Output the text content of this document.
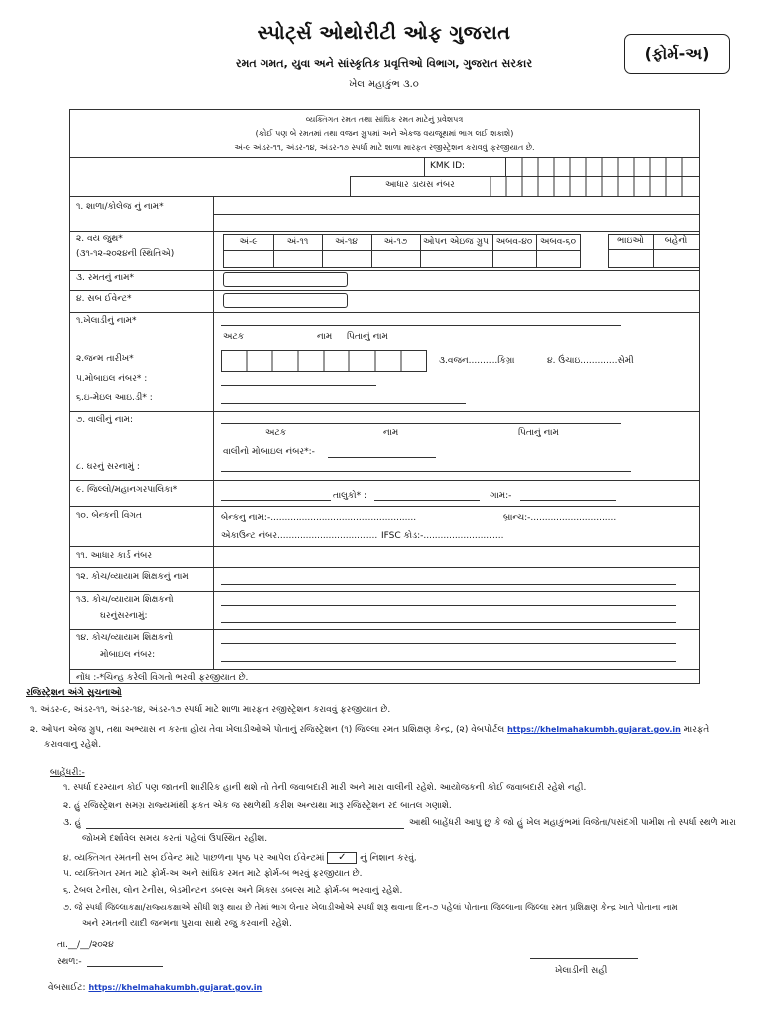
સ્પોર્ટ્સ ઓથોરીટી ઓફ ગુજરાત
રમત ગમત, યુવા અને સાંસ્કૃતિક પ્રવૃત્તિઓ વિભાગ, ગુજરાત સરકાર
ખેલ મહાકુંભ ૩.૦
(ફોર્મ-અ)
વ્યક્તિગત રમત તથા સાંઘિક રમત માટેનું પ્રવેશપત્ર
(કોઈ પણ બે રમતમાં તથા વજન ગ્રુપમાં અને એકજ વયજૂથમાં ભાગ લઈ શકાશે)
અં-૯ અંડર-૧૧, અંડર-૧૪, અંડર-૧૭ સ્પર્ધા માટે શાળા મારફત રજીસ્ટ્રેશન કરાવવું ફરજીયાત છે.
KMK ID:
આધાર ડાયસ નંબર
૧. શાળા/કોલેજ નું નામ*
૨. વય જુથ*
(૩૧-૧૨-૨૦૨૪ની સ્થિતિએ)
અં-૯	અં-૧૧	અં-૧૪	અં-૧૭	ઓપન એઇજ ગ્રુપ અબવ-૪૦ અબવ-૬૦	ભાઇઓ	બહેનો
૩. રમતનું નામ*
૪. સબ ઈવેન્ટ*
૧.ખેલાડીનું નામ*
અટક	નામ પિતાનું નામ
૨.જન્મ તારીખ*	૩.વજન..........કિગ્રા	૪. ઉંચાઇ.............સેમી
૫.મોબાઇલ નંબર* :
૬.ઇ-મેઇલ આઇ.ડી* :
૭. વાલીનું નામ:
અટક	નામ	પિતાનું નામ
વાલીનો મોબાઇલ નંબર*:-
૮. ઘરનું સરનામું :
૯. જિલ્લો/મહાનગરપાલિકા*
તાલુકો* :	ગામ:-
૧૦. બેન્કની વિગત	બેન્કનુ નામ:-...................................................	બ્રાન્ચ:-..............................
એકાઉન્ટ નંબર................................... IFSC કોડ:-............................
૧૧. આધાર કાર્ડ નંબર
૧૨. કોચ/વ્યાયામ શિક્ષકનું નામ
૧૩. કોચ/વ્યાયામ શિક્ષકનો
ઘરનુંસરનામું:
૧૪. કોચ/વ્યાયામ શિક્ષકનો
મોબાઇલ નંબર:
નોંધ :-*ચિન્હ કરેલી વિગતો ભરવી ફરજીયાત છે.
રજિસ્ટ્રેશન અંગે સુચનાઓ
૧. અંડર-૯, અંડર-૧૧, અંડર-૧૪, અંડર-૧૭ સ્પર્ધા માટે શાળા મારફત રજીસ્ટ્રેશન કરાવવું ફરજીયાત છે.
૨. ઓપન એજ ગ્રુપ, તથા અભ્યાસ ન કરતા હોય તેવા ખેલાડીઓએ પોતાનું રજિસ્ટ્રેશન (૧) જિલ્લા રમત પ્રશિક્ષણ કેન્દ્ર, (૨) વેબપોર્ટલ https://khelmahakumbh.gujarat.gov.in મારફતે
કરાવવાનુ રહેશે.
બાહેંધરી:-
૧. સ્પર્ધા દરમ્યાન કોઈ પણ જાતની શારીરિક હાની થશે તો તેની જવાબદારી મારી અને મારા વાલીની રહેશે. આયોજકની કોઈ જવાબદારી રહેશે નહી.
૨. હું રજિસ્ટ્રેશન સમગ્ર રાજ્યમાંથી ફકત એક જ સ્થળેથી કરીશ અન્યથા મારૂ રજિસ્ટ્રેશન રદ બાતલ ગણાશે.
૩. હું	આથી બાહેંધરી આપુ છુ કે જો હું ખેલ મહાકુંભમાં વિજેતા/પસંદગી પામીશ તો સ્પર્ધા સ્થળે મારા
જોખમે દર્શાવેલ સમય કરતાં પહેલાં ઉપસ્થિત રહીશ.
૪. વ્યક્તિગત રમતની સબ ઈવેન્ટ માટે પાછળના પૃષ્ઠ પર આપેલ ઈવેન્ટમાં ✓ નું નિશાન કરવું.
૫. વ્યક્તિગત રમત માટે ફોર્મ-અ અને સાંઘિક રમત માટે ફોર્મ-બ ભરવું ફરજીયાત છે.
૬. ટેબલ ટેનીસ, લોન ટેનીસ, બેડમીન્ટન ડબલ્સ અને મિક્સ ડબલ્સ માટે ફોર્મ-બ ભરવાનું રહેશે.
૭. જે સ્પર્ધા જિલ્લાકક્ષા/રાજ્યકક્ષાએ સીધી શરૂ થાય છે તેમાં ભાગ લેનાર ખેલાડીઓએ સ્પર્ધા શરૂ થવાના દિન-૭ પહેલાં પોતાના જિલ્લાના જિલ્લા રમત પ્રશિક્ષણ કેન્દ્ર ખાતે પોતાના નામ
અને રમતની યાદી જન્મના પુરાવા સાથે રજુ કરવાની રહેશે.
તા.__/__/૨૦૨૪
સ્થળ:-
ખેલાડીની સહી
વેબસાઈટ: https://khelmahakumbh.gujarat.gov.in
